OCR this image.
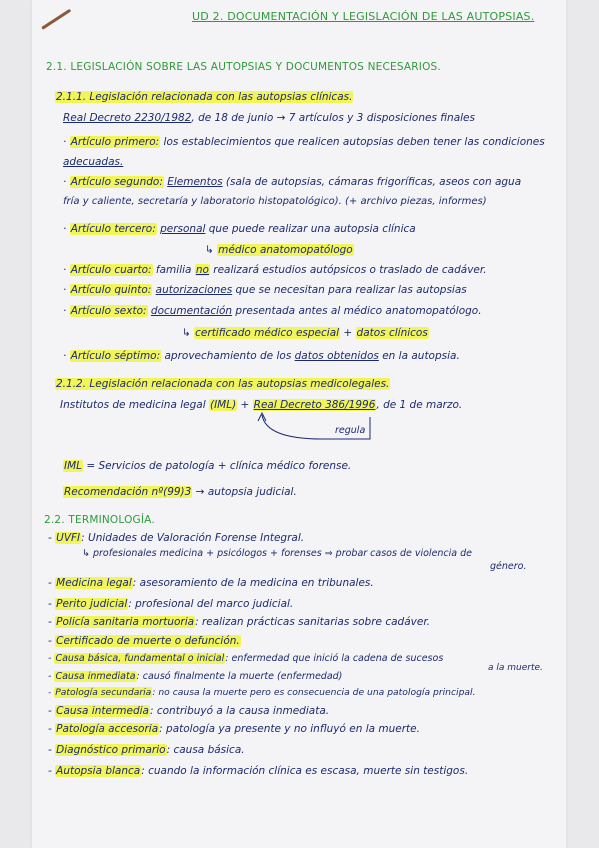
UD 2. DOCUMENTACIÓN Y LEGISLACIÓN DE LAS AUTOPSIAS.
2.1. LEGISLACIÓN SOBRE LAS AUTOPSIAS Y DOCUMENTOS NECESARIOS.
2.1.1. Legislación relacionada con las autopsias clínicas.
Real Decreto 2230/1982, de 18 de junio → 7 artículos y 3 disposiciones finales
· Artículo primero: los establecimientos que realicen autopsias deben tener las condiciones
adecuadas.
· Artículo segundo: Elementos (sala de autopsias, cámaras frigoríficas, aseos con agua
fría y caliente, secretaría y laboratorio histopatológico). (+ archivo piezas, informes)
· Artículo tercero: personal que puede realizar una autopsia clínica
↳ médico anatomopatólogo
· Artículo cuarto: familia no realizará estudios autópsicos o traslado de cadáver.
· Artículo quinto: autorizaciones que se necesitan para realizar las autopsias
· Artículo sexto: documentación presentada antes al médico anatomopatólogo.
↳ certificado médico especial + datos clínicos
· Artículo séptimo: aprovechamiento de los datos obtenidos en la autopsia.
2.1.2. Legislación relacionada con las autopsias medicolegales.
Institutos de medicina legal (IML) + Real Decreto 386/1996, de 1 de marzo.
regula
IML = Servicios de patología + clínica médico forense.
Recomendación nº(99)3 → autopsia judicial.
2.2. TERMINOLOGÍA.
- UVFI: Unidades de Valoración Forense Integral.
↳ profesionales medicina + psicólogos + forenses ⇒ probar casos de violencia de
género.
- Medicina legal: asesoramiento de la medicina en tribunales.
- Perito judicial: profesional del marco judicial.
- Policía sanitaria mortuoria: realizan prácticas sanitarias sobre cadáver.
- Certificado de muerte o defunción.
- Causa básica, fundamental o inicial: enfermedad que inició la cadena de sucesos
a la muerte.
- Causa inmediata: causó finalmente la muerte (enfermedad)
- Patología secundaria: no causa la muerte pero es consecuencia de una patología principal.
- Causa intermedia: contribuyó a la causa inmediata.
- Patología accesoria: patología ya presente y no influyó en la muerte.
- Diagnóstico primario: causa básica.
- Autopsia blanca: cuando la información clínica es escasa, muerte sin testigos.
